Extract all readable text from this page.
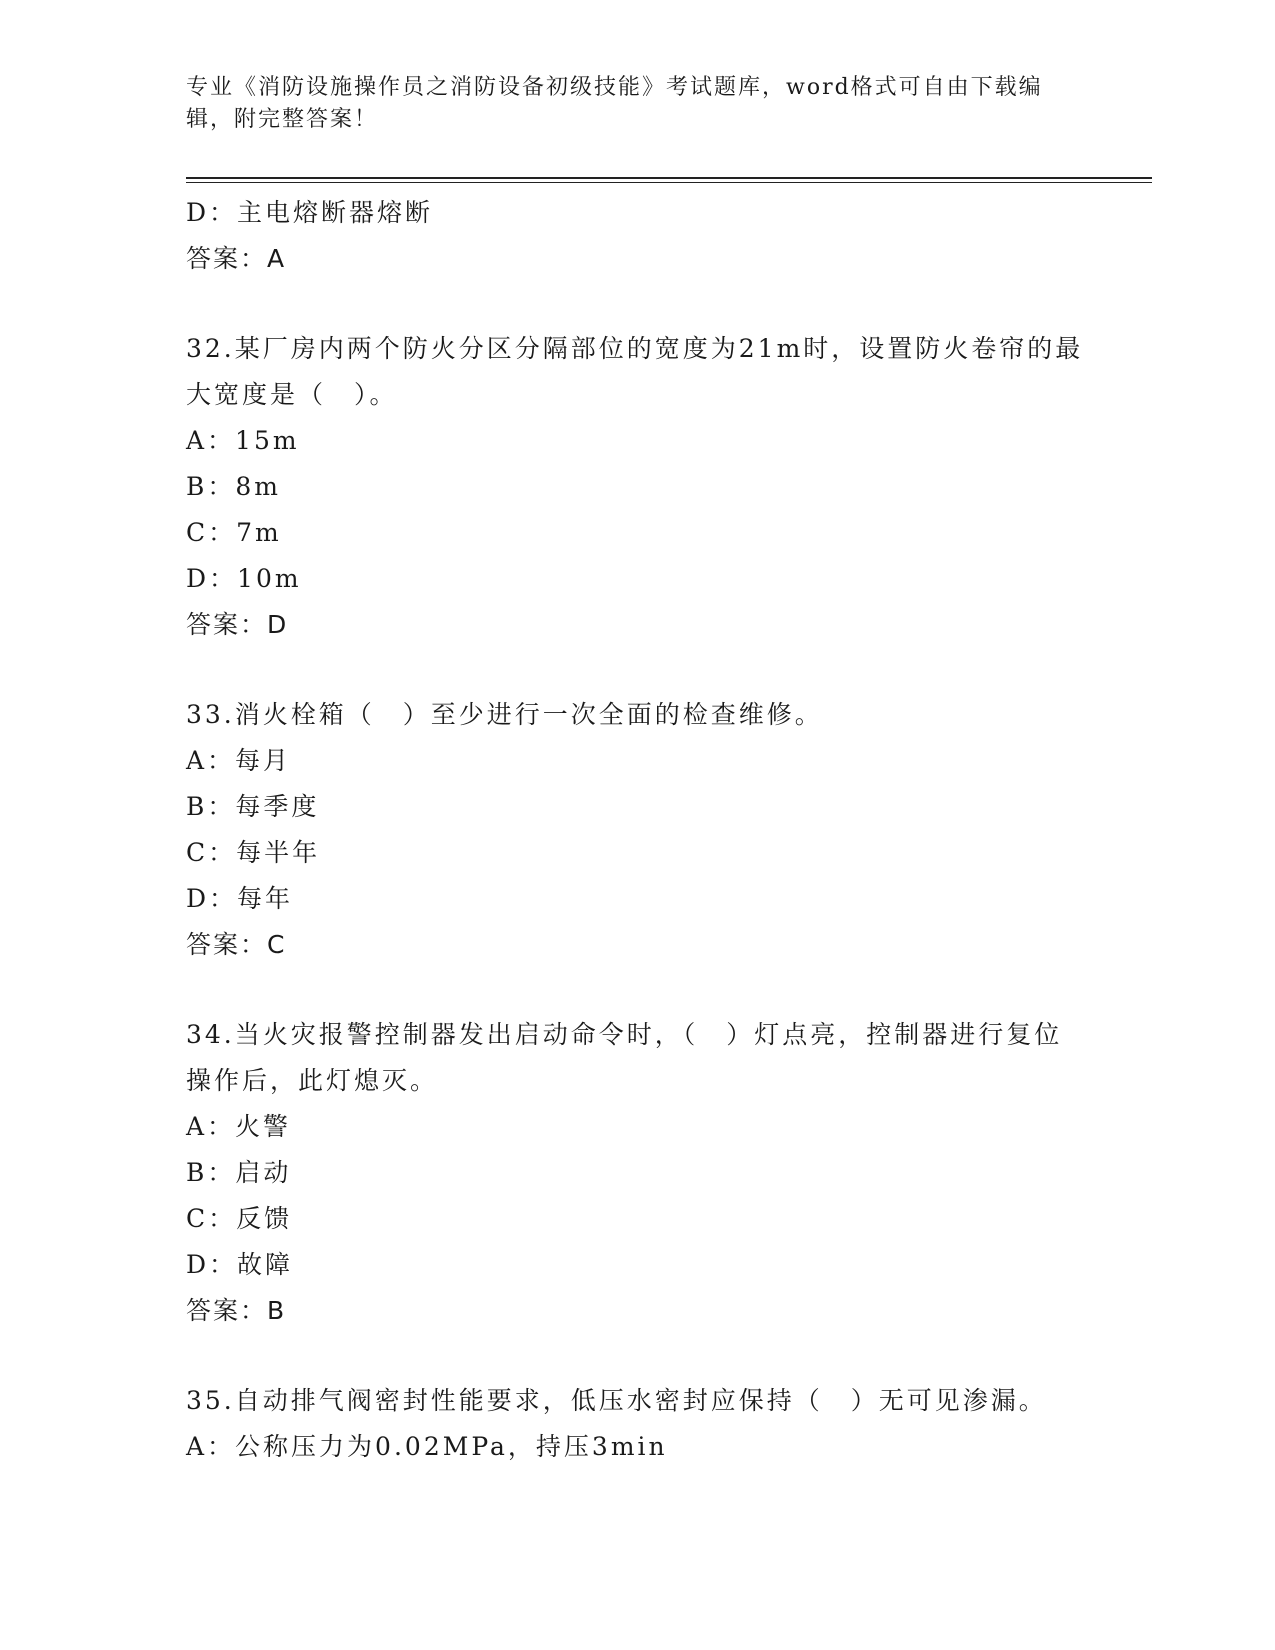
专业《消防设施操作员之消防设备初级技能》考试题库，word格式可自由下载编辑，附完整答案！
D：主电熔断器熔断
答案：A
32.某厂房内两个防火分区分隔部位的宽度为21m时，设置防火卷帘的最大宽度是（　）。
A：15m
B：8m
C：7m
D：10m
答案：D
33.消火栓箱（　）至少进行一次全面的检查维修。
A：每月
B：每季度
C：每半年
D：每年
答案：C
34.当火灾报警控制器发出启动命令时，（　）灯点亮，控制器进行复位操作后，此灯熄灭。
A：火警
B：启动
C：反馈
D：故障
答案：B
35.自动排气阀密封性能要求，低压水密封应保持（　）无可见渗漏。
A：公称压力为0.02MPa，持压3min
